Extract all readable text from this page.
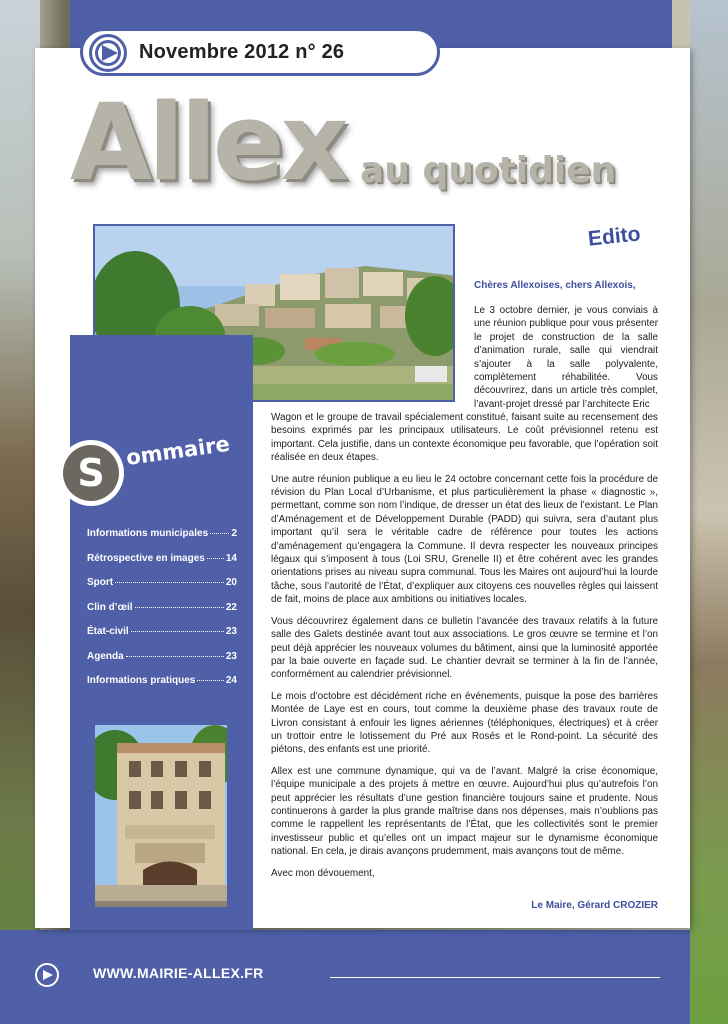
Novembre 2012 n° 26
Allex au quotidien
Edito
S
ommaire
Informations municipales 2
Rétrospective en images 14
Sport	20
Clin d’œil	22
État-civil	23
Agenda	23
Informations pratiques	24
Chères Allexoises, chers Allexois,

Le 3 octobre dernier, je vous conviais à une réunion publique pour vous présenter le projet de construction de la salle d’animation rurale, salle qui viendrait s’ajouter à la salle polyvalente, complètement réhabilitée. Vous découvrirez, dans un article très complet, l’avant-projet dressé par l’architecte Eric

Wagon et le groupe de travail spécialement constitué, faisant suite au recensement des besoins exprimés par les principaux utilisateurs. Le coût prévisionnel retenu est important. Cela justifie, dans un contexte économique peu favorable, que l’opération soit réalisée en deux étapes.

Une autre réunion publique a eu lieu le 24 octobre concernant cette fois la procédure de révision du Plan Local d’Urbanisme, et plus particulièrement la phase « diagnostic », permettant, comme son nom l’indique, de dresser un état des lieux de l’existant. Le Plan d’Aménagement et de Développement Durable (PADD) qui suivra, sera d’autant plus important qu’il sera le véritable cadre de référence pour toutes les actions d’aménagement qu’engagera la Commune. Il devra respecter les nouveaux principes légaux qui s’imposent à tous (Loi SRU, Grenelle II) et être cohérent avec les grandes orientations prises au niveau supra communal. Tous les Maires ont aujourd’hui la lourde tâche, sous l’autorité de l’État, d’expliquer aux citoyens ces nouvelles règles qui laissent de fait, moins de place aux ambitions ou initiatives locales.

Vous découvrirez également dans ce bulletin l’avancée des travaux relatifs à la future salle des Galets destinée avant tout aux associations. Le gros œuvre se termine et l’on peut déjà apprécier les nouveaux volumes du bâtiment, ainsi que la luminosité apportée par la baie ouverte en façade sud. Le chantier devrait se terminer à la fin de l’année, conformément au calendrier prévisionnel.

Le mois d’octobre est décidément riche en événements, puisque la pose des barrières Montée de Laye est en cours, tout comme la deuxième phase des travaux route de Livron consistant à enfouir les lignes aériennes (téléphoniques, électriques) et à créer un trottoir entre le lotissement du Pré aux Rosés et le Rond-point. La sécurité des piétons, des enfants est une priorité.

Allex est une commune dynamique, qui va de l’avant. Malgré la crise économique, l’équipe municipale a des projets à mettre en œuvre. Aujourd’hui plus qu’autrefois l’on peut apprécier les résultats d’une gestion financière toujours saine et prudente. Nous continuerons à garder la plus grande maîtrise dans nos dépenses, mais n’oublions pas comme le rappellent les représentants de l’État, que les collectivités sont le premier investisseur public et qu’elles ont un impact majeur sur le dynamisme économique national. En cela, je dirais avançons prudemment, mais avançons tout de même.

Avec mon dévouement,

Le Maire, Gérard CROZIER
WWW.MAIRIE-ALLEX.FR
